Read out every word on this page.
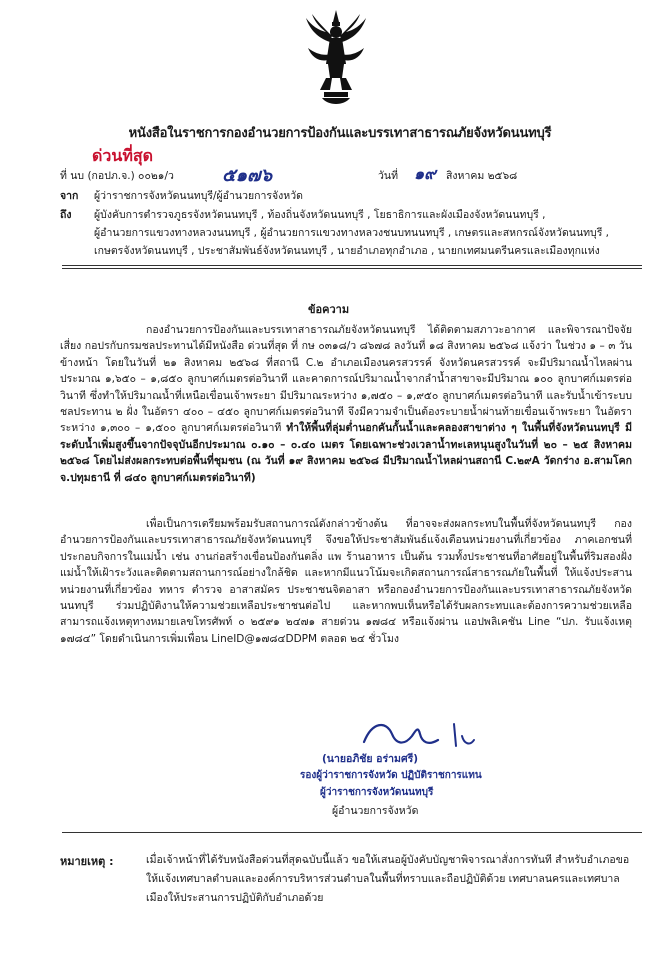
หนังสือในราชการกองอำนวยการป้องกันและบรรเทาสาธารณภัยจังหวัดนนทบุรี
ด่วนที่สุด
ที่ นบ (กอปภ.จ.) ๐๐๒๑/ว	๕๑๗๖	วันที่ ๑๙ สิงหาคม ๒๕๖๘
จาก ผู้ว่าราชการจังหวัดนนทบุรี/ผู้อำนวยการจังหวัด
ถึง ผู้บังคับการตำรวจภูธรจังหวัดนนทบุรี , ท้องถิ่นจังหวัดนนทบุรี , โยธาธิการและผังเมืองจังหวัดนนทบุรี ,
ผู้อำนวยการแขวงทางหลวงนนทบุรี , ผู้อำนวยการแขวงทางหลวงชนบทนนทบุรี , เกษตรและสหกรณ์จังหวัดนนทบุรี ,
เกษตรจังหวัดนนทบุรี , ประชาสัมพันธ์จังหวัดนนทบุรี , นายอำเภอทุกอำเภอ , นายกเทศมนตรีนครและเมืองทุกแห่ง
ข้อความ

กองอำนวยการป้องกันและบรรเทาสาธารณภัยจังหวัดนนทบุรี ได้ติดตามสภาวะอากาศ และพิจารณาปัจจัยเสี่ยง กอปรกับกรมชลประทานได้มีหนังสือ ด่วนที่สุด ที่ กษ ๐๓๑๘/ว ๘๖๗๘ ลงวันที่ ๑๘ สิงหาคม ๒๕๖๘ แจ้งว่า ในช่วง ๑ – ๓ วันข้างหน้า โดยในวันที่ ๒๑ สิงหาคม ๒๕๖๘ ที่สถานี C.๒ อำเภอเมืองนครสวรรค์ จังหวัดนครสวรรค์ จะมีปริมาณน้ำไหลผ่านประมาณ ๑,๖๕๐ – ๑,๘๕๐ ลูกบาศก์เมตรต่อวินาที และคาดการณ์ปริมาณน้ำจากลำน้ำสาขาจะมีปริมาณ ๑๐๐ ลูกบาศก์เมตรต่อวินาที ซึ่งทำให้ปริมาณน้ำที่เหนือเขื่อนเจ้าพระยา มีปริมาณระหว่าง ๑,๗๕๐ – ๑,๙๕๐ ลูกบาศก์เมตรต่อวินาที และรับน้ำเข้าระบบชลประทาน ๒ ฝั่ง ในอัตรา ๔๐๐ – ๔๕๐ ลูกบาศก์เมตรต่อวินาที จึงมีความจำเป็นต้องระบายน้ำผ่านท้ายเขื่อนเจ้าพระยา ในอัตราระหว่าง ๑,๓๐๐ – ๑,๕๐๐ ลูกบาศก์เมตรต่อวินาที ทำให้พื้นที่ลุ่มต่ำนอกคันกั้นน้ำและคลองสาขาต่าง ๆ ในพื้นที่จังหวัดนนทบุรี มีระดับน้ำเพิ่มสูงขึ้นจากปัจจุบันอีกประมาณ ๐.๑๐ – ๐.๔๐ เมตร โดยเฉพาะช่วงเวลาน้ำทะเลหนุนสูงในวันที่ ๒๐ – ๒๕ สิงหาคม ๒๕๖๘ โดยไม่ส่งผลกระทบต่อพื้นที่ชุมชน (ณ วันที่ ๑๙ สิงหาคม ๒๕๖๘ มีปริมาณน้ำไหลผ่านสถานี C.๒๙A วัดกร่าง อ.สามโคก จ.ปทุมธานี ที่ ๘๔๐ ลูกบาศก์เมตรต่อวินาที)

เพื่อเป็นการเตรียมพร้อมรับสถานการณ์ดังกล่าวข้างต้น ที่อาจจะส่งผลกระทบในพื้นที่จังหวัดนนทบุรี กองอำนวยการป้องกันและบรรเทาสาธารณภัยจังหวัดนนทบุรี จึงขอให้ประชาสัมพันธ์แจ้งเตือนหน่วยงานที่เกี่ยวข้อง ภาคเอกชนที่ประกอบกิจการในแม่น้ำ เช่น งานก่อสร้างเขื่อนป้องกันตลิ่ง แพ ร้านอาหาร เป็นต้น รวมทั้งประชาชนที่อาศัยอยู่ในพื้นที่ริมสองฝั่งแม่น้ำให้เฝ้าระวังและติดตามสถานการณ์อย่างใกล้ชิด และหากมีแนวโน้มจะเกิดสถานการณ์สาธารณภัยในพื้นที่ ให้แจ้งประสานหน่วยงานที่เกี่ยวข้อง ทหาร ตำรวจ อาสาสมัคร ประชาชนจิตอาสา หรือกองอำนวยการป้องกันและบรรเทาสาธารณภัยจังหวัดนนทบุรี ร่วมปฏิบัติงานให้ความช่วยเหลือประชาชนต่อไป และหากพบเห็นหรือได้รับผลกระทบและต้องการความช่วยเหลือ สามารถแจ้งเหตุทางหมายเลขโทรศัพท์ ๐ ๒๕๙๑ ๒๔๗๑ สายด่วน ๑๗๘๔ หรือแจ้งผ่าน แอปพลิเคชัน Line “ปภ. รับแจ้งเหตุ ๑๗๘๔” โดยดำเนินการเพิ่มเพื่อน LineID@๑๗๘๔DDPM ตลอด ๒๔ ชั่วโมง

(นายอภิชัย อร่ามศรี)
รองผู้ว่าราชการจังหวัด ปฏิบัติราชการแทน
ผู้ว่าราชการจังหวัดนนทบุรี
ผู้อำนวยการจังหวัด
หมายเหตุ :	เมื่อเจ้าหน้าที่ได้รับหนังสือด่วนที่สุดฉบับนี้แล้ว ขอให้เสนอผู้บังคับบัญชาพิจารณาสั่งการทันที สำหรับอำเภอขอให้แจ้งเทศบาลตำบลและองค์การบริหารส่วนตำบลในพื้นที่ทราบและถือปฏิบัติด้วย เทศบาลนครและเทศบาลเมืองให้ประสานการปฏิบัติกับอำเภอด้วย
